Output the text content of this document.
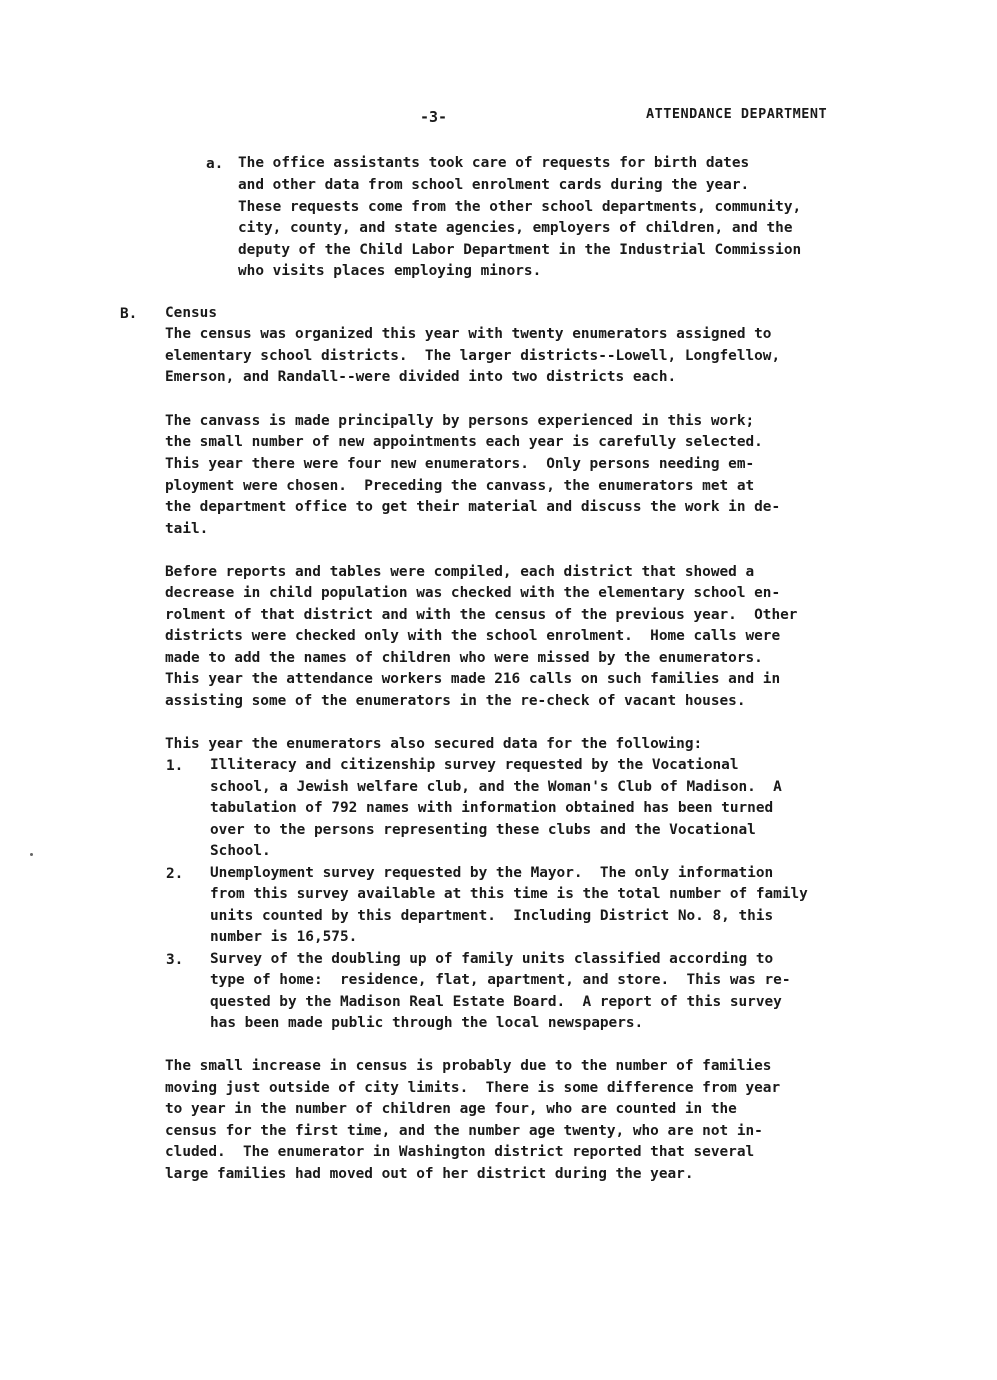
-3-	ATTENDANCE DEPARTMENT
a. The office assistants took care of requests for birth dates
and other data from school enrolment cards during the year.
These requests come from the other school departments, community,
city, county, and state agencies, employers of children, and the
deputy of the Child Labor Department in the Industrial Commission
who visits places employing minors.
B. Census
The census was organized this year with twenty enumerators assigned to
elementary school districts.  The larger districts--Lowell, Longfellow,
Emerson, and Randall--were divided into two districts each.
The canvass is made principally by persons experienced in this work;
the small number of new appointments each year is carefully selected.
This year there were four new enumerators.  Only persons needing em-
ployment were chosen.  Preceding the canvass, the enumerators met at
the department office to get their material and discuss the work in de-
tail.
Before reports and tables were compiled, each district that showed a
decrease in child population was checked with the elementary school en-
rolment of that district and with the census of the previous year.  Other
districts were checked only with the school enrolment.  Home calls were
made to add the names of children who were missed by the enumerators.
This year the attendance workers made 216 calls on such families and in
assisting some of the enumerators in the re-check of vacant houses.
This year the enumerators also secured data for the following:
1. Illiteracy and citizenship survey requested by the Vocational
school, a Jewish welfare club, and the Woman's Club of Madison.  A
tabulation of 792 names with information obtained has been turned
over to the persons representing these clubs and the Vocational
School.
2. Unemployment survey requested by the Mayor.  The only information
from this survey available at this time is the total number of family
units counted by this department.  Including District No. 8, this
number is 16,575.
3. Survey of the doubling up of family units classified according to
type of home:  residence, flat, apartment, and store.  This was re-
quested by the Madison Real Estate Board.  A report of this survey
has been made public through the local newspapers.
The small increase in census is probably due to the number of families
moving just outside of city limits.  There is some difference from year
to year in the number of children age four, who are counted in the
census for the first time, and the number age twenty, who are not in-
cluded.  The enumerator in Washington district reported that several
large families had moved out of her district during the year.
